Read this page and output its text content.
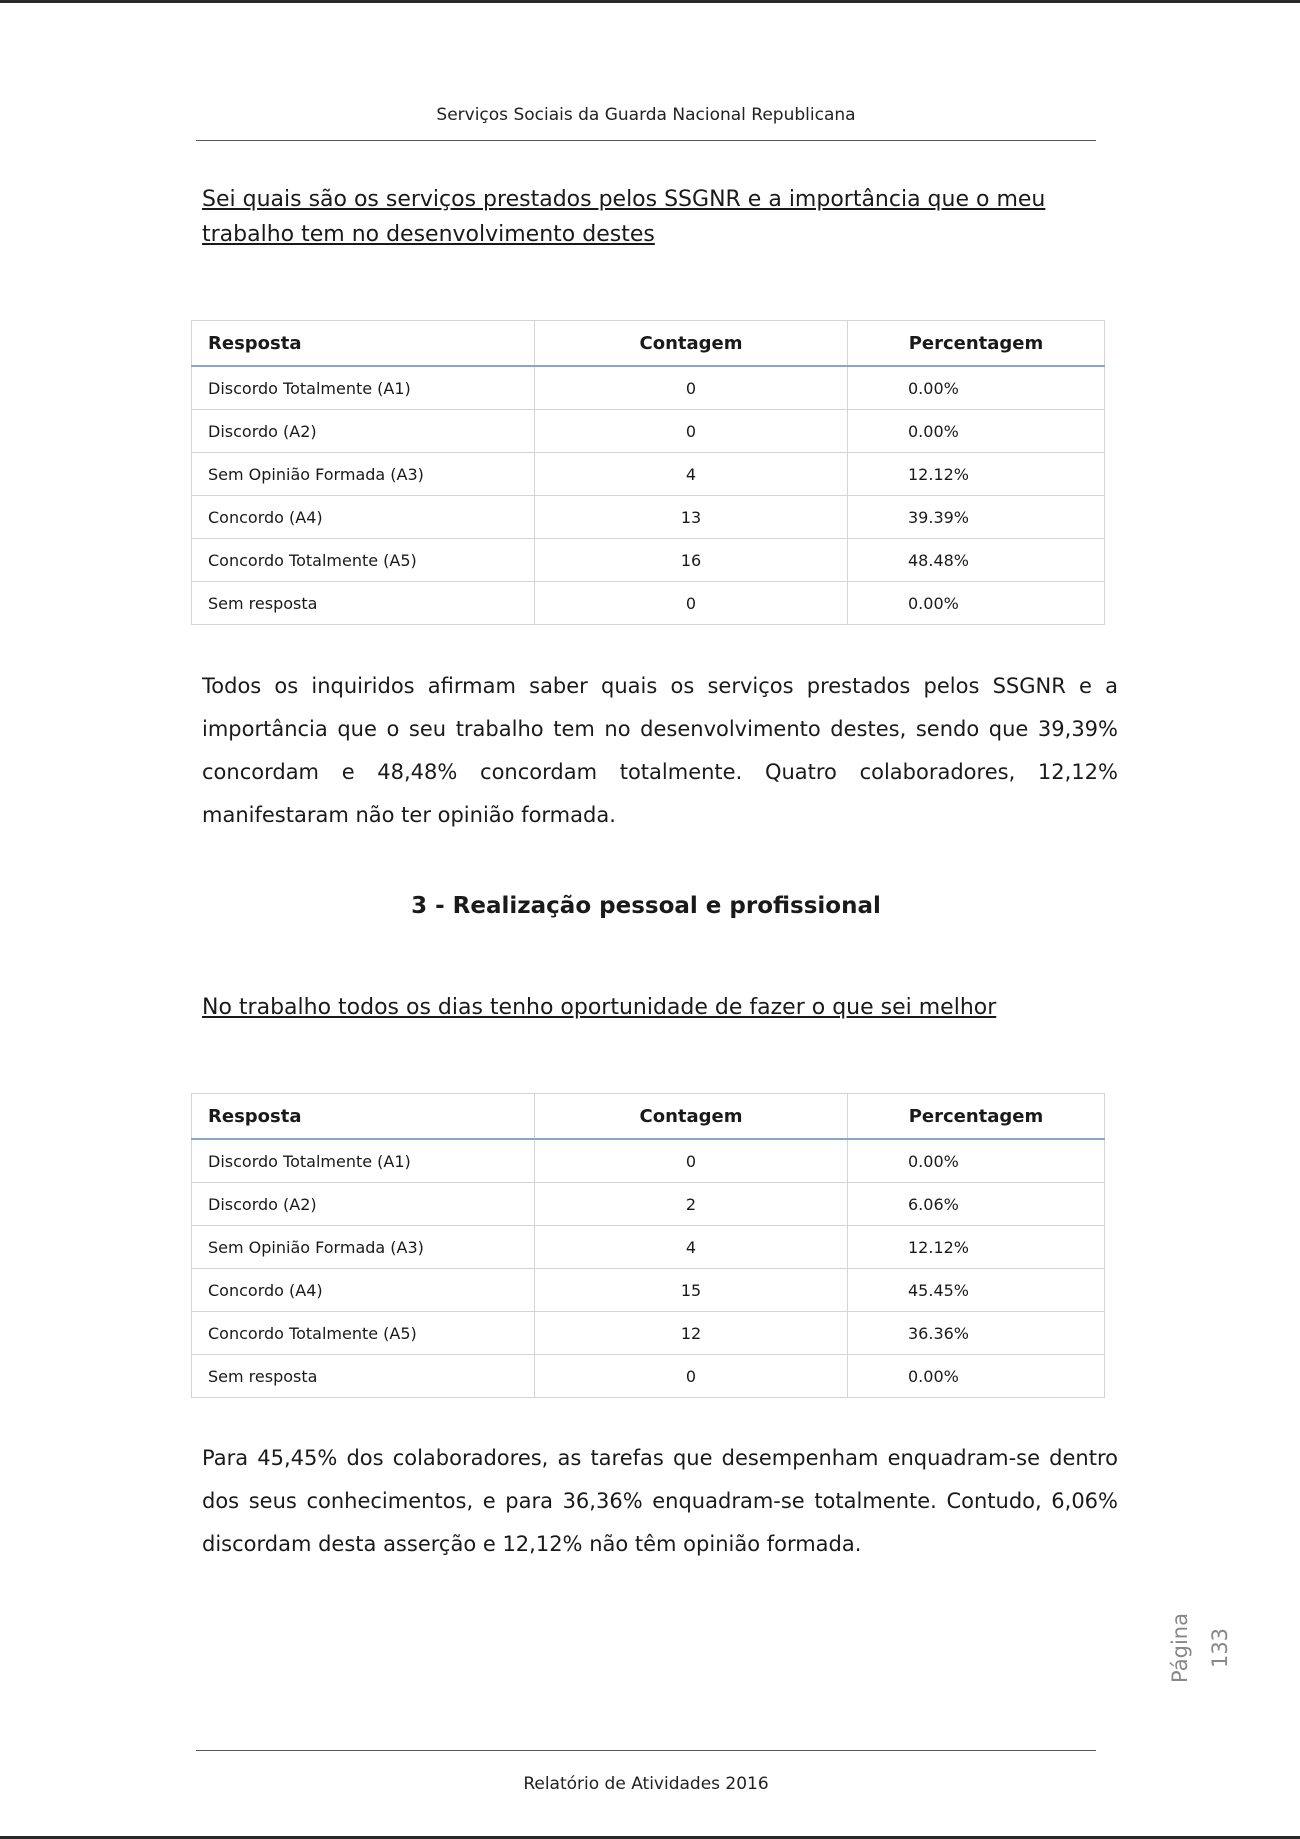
Serviços Sociais da Guarda Nacional Republicana
Sei quais são os serviços prestados pelos SSGNR e a importância que o meu trabalho tem no desenvolvimento destes
Resposta	Contagem	Percentagem
Discordo Totalmente (A1)	0	0.00%
Discordo (A2)	0	0.00%
Sem Opinião Formada (A3)	4	12.12%
Concordo (A4)	13	39.39%
Concordo Totalmente (A5)	16	48.48%
Sem resposta	0	0.00%
Todos os inquiridos afirmam saber quais os serviços prestados pelos SSGNR e a importância que o seu trabalho tem no desenvolvimento destes, sendo que 39,39% concordam e 48,48% concordam totalmente. Quatro colaboradores, 12,12% manifestaram não ter opinião formada.
3 - Realização pessoal e profissional
No trabalho todos os dias tenho oportunidade de fazer o que sei melhor
Resposta	Contagem	Percentagem
Discordo Totalmente (A1)	0	0.00%
Discordo (A2)	2	6.06%
Sem Opinião Formada (A3)	4	12.12%
Concordo (A4)	15	45.45%
Concordo Totalmente (A5)	12	36.36%
Sem resposta	0	0.00%
Para 45,45% dos colaboradores, as tarefas que desempenham enquadram-se dentro dos seus conhecimentos, e para 36,36% enquadram-se totalmente. Contudo, 6,06% discordam desta asserção e 12,12% não têm opinião formada.
Página 133
Relatório de Atividades 2016
